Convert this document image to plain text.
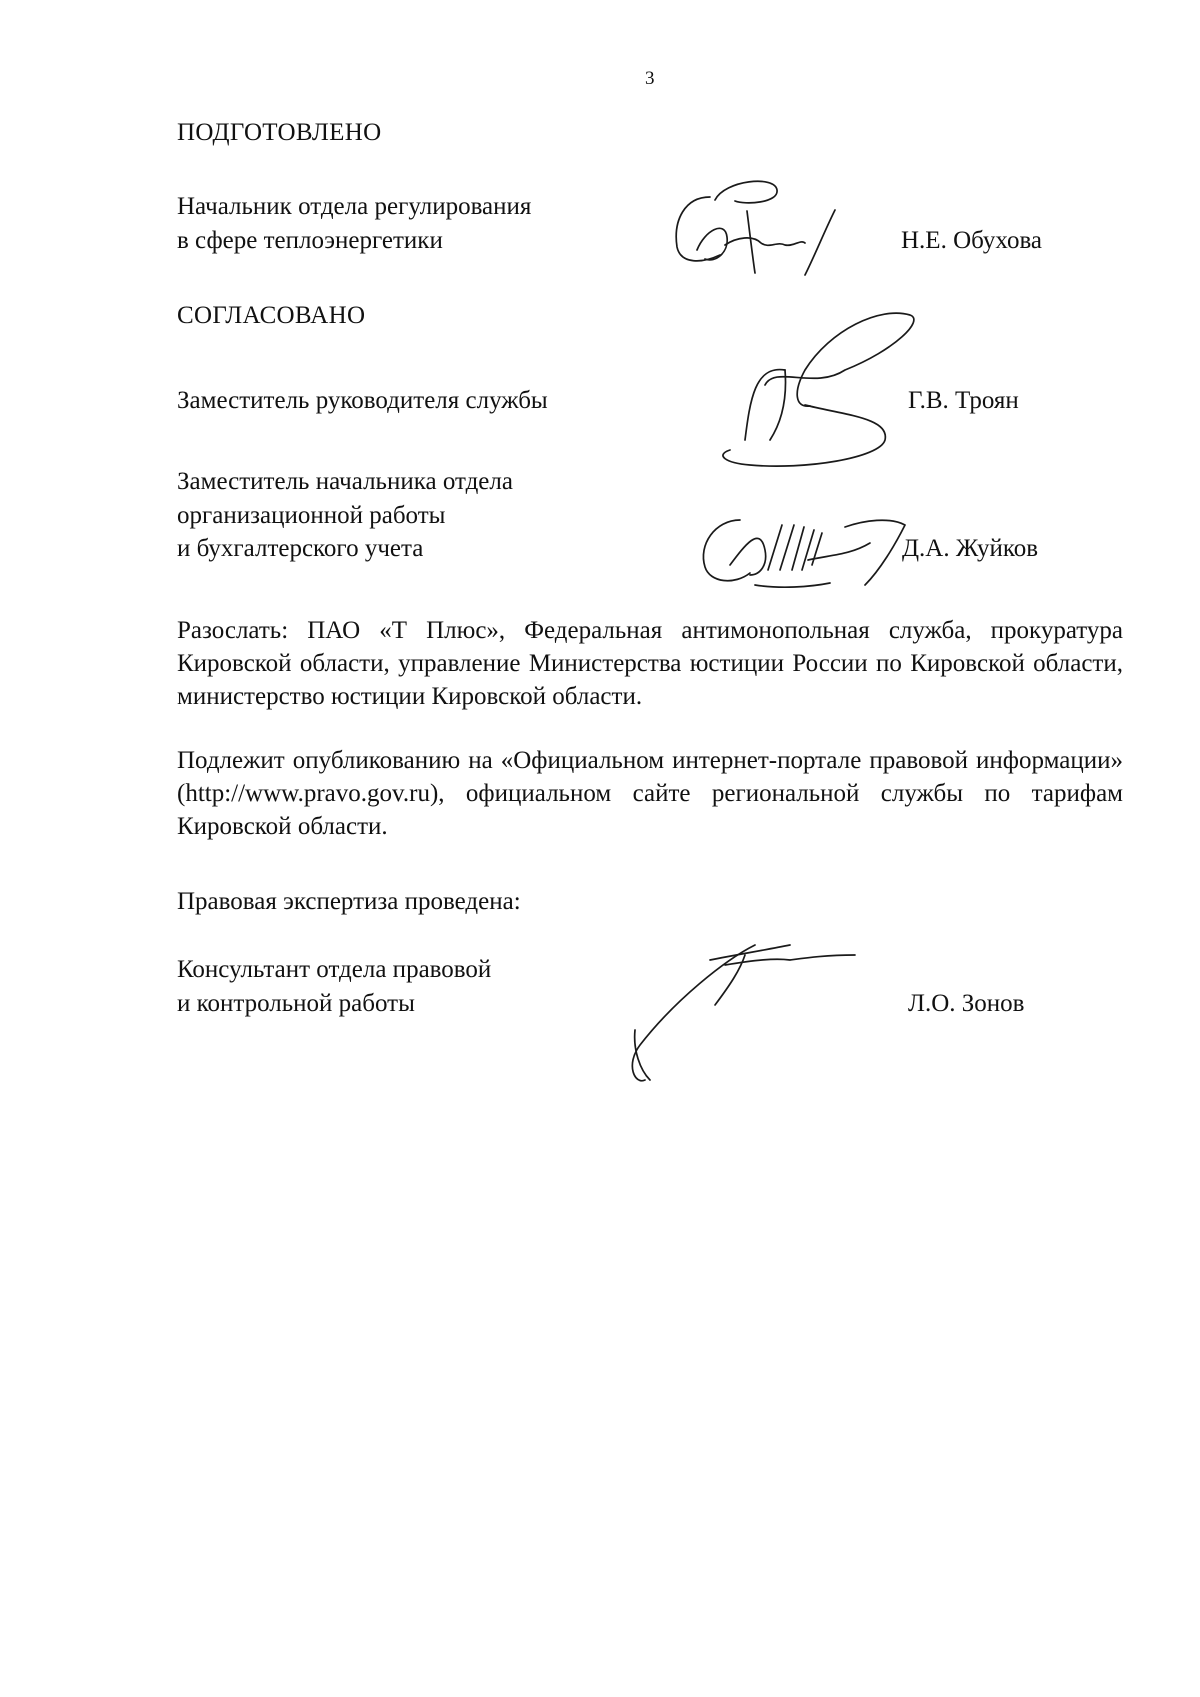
3
ПОДГОТОВЛЕНО
Начальник отдела регулирования
в сфере теплоэнергетики	Н.Е. Обухова
СОГЛАСОВАНО
Заместитель руководителя службы	Г.В. Троян
Заместитель начальника отдела
организационной работы
и бухгалтерского учета	Д.А. Жуйков

Разослать: ПАО «Т Плюс», Федеральная антимонопольная служба, прокуратура Кировской области, управление Министерства юстиции России по Кировской области, министерство юстиции Кировской области.

Подлежит опубликованию на «Официальном интернет-портале правовой информации» (http://www.pravo.gov.ru), официальном сайте региональной службы по тарифам Кировской области.

Правовая экспертиза проведена:
Консультант отдела правовой
и контрольной работы	Л.О. Зонов
